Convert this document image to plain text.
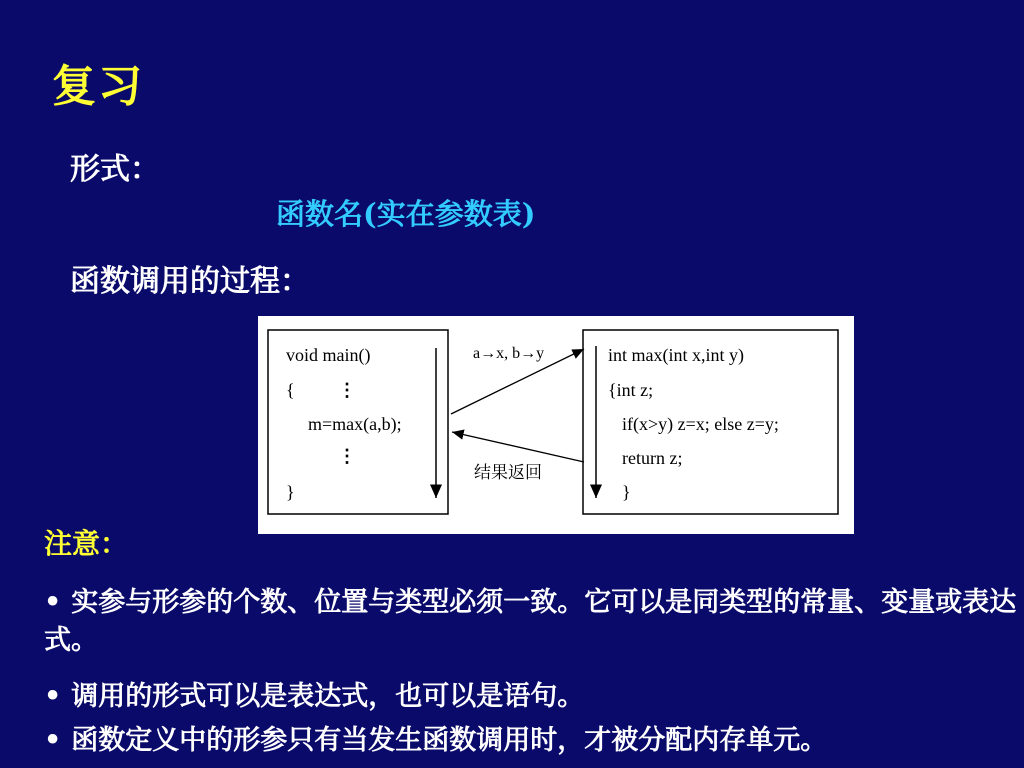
复习
形式：
函数名(实在参数表)
函数调用的过程：
void main()
{ ⋮
m=max(a,b);
⋮
}
int max(int x,int y)
{int z;
if(x>y) z=x; else z=y;
return z;
}
a→x, b→y
结果返回
注意：
• 实参与形参的个数、位置与类型必须一致。它可以是同类型的常量、变量或表达式。
• 调用的形式可以是表达式，也可以是语句。
• 函数定义中的形参只有当发生函数调用时，才被分配内存单元。
